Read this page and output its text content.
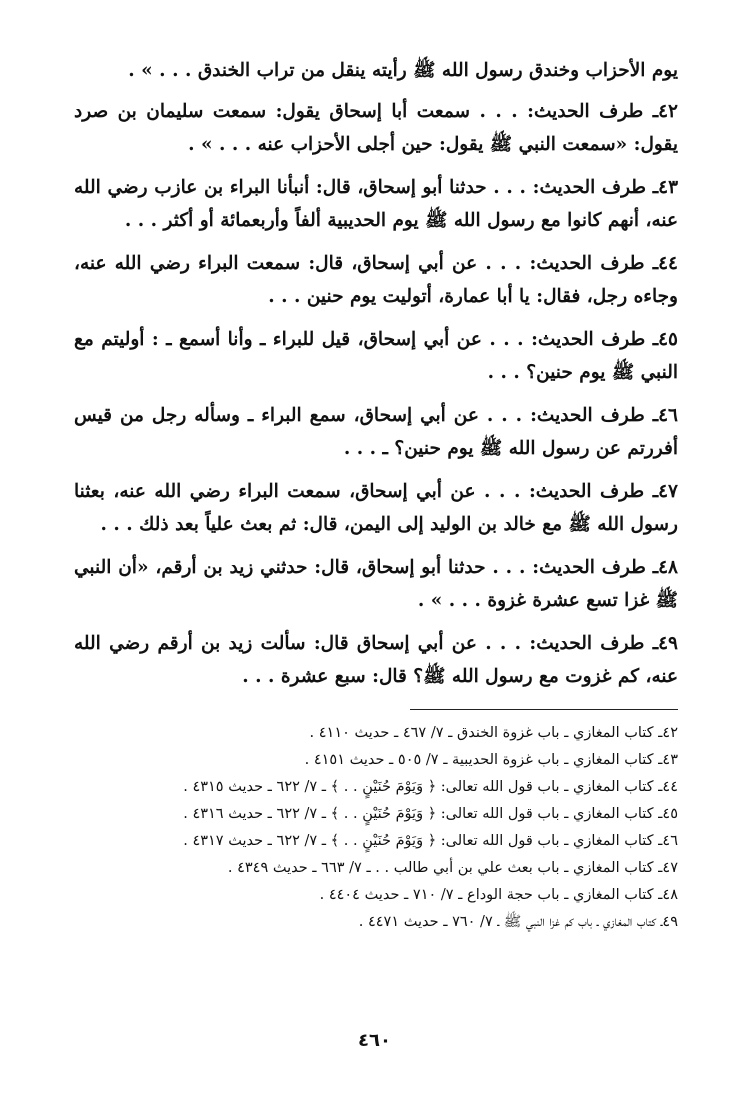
يوم الأحزاب وخندق رسول الله ﷺ رأيته ينقل من تراب الخندق . . . » .

٤٢ـ طرف الحديث: . . . سمعت أبا إسحاق يقول: سمعت سليمان بن صرد يقول: «سمعت النبي ﷺ يقول: حين أجلى الأحزاب عنه . . . » .

٤٣ـ طرف الحديث: . . . حدثنا أبو إسحاق، قال: أنبأنا البراء بن عازب رضي الله عنه، أنهم كانوا مع رسول الله ﷺ يوم الحديبية ألفاً وأربعمائة أو أكثر . . .

٤٤ـ طرف الحديث: . . . عن أبي إسحاق، قال: سمعت البراء رضي الله عنه، وجاءه رجل، فقال: يا أبا عمارة، أتوليت يوم حنين . . .

٤٥ـ طرف الحديث: . . . عن أبي إسحاق، قيل للبراء ـ وأنا أسمع ـ : أوليتم مع النبي ﷺ يوم حنين؟ . . .

٤٦ـ طرف الحديث: . . . عن أبي إسحاق، سمع البراء ـ وسأله رجل من قيس أفررتم عن رسول الله ﷺ يوم حنين؟ ـ . . .

٤٧ـ طرف الحديث: . . . عن أبي إسحاق، سمعت البراء رضي الله عنه، بعثنا رسول الله ﷺ مع خالد بن الوليد إلى اليمن، قال: ثم بعث علياً بعد ذلك . . .

٤٨ـ طرف الحديث: . . . حدثنا أبو إسحاق، قال: حدثني زيد بن أرقم، «أن النبي ﷺ غزا تسع عشرة غزوة . . . » .

٤٩ـ طرف الحديث: . . . عن أبي إسحاق قال: سألت زيد بن أرقم رضي الله عنه، كم غزوت مع رسول الله ﷺ؟ قال: سبع عشرة . . .

٤٢ـ كتاب المغازي ـ باب غزوة الخندق ـ ٧/ ٤٦٧ ـ حديث ٤١١٠ .
٤٣ـ كتاب المغازي ـ باب غزوة الحديبية ـ ٧/ ٥٠٥ ـ حديث ٤١٥١ .
٤٤ـ كتاب المغازي ـ باب قول الله تعالى: ﴿ وَيَوْمَ حُنَيْنٍ . . ﴾ ـ ٧/ ٦٢٢ ـ حديث ٤٣١٥ .
٤٥ـ كتاب المغازي ـ باب قول الله تعالى: ﴿ وَيَوْمَ حُنَيْنٍ . . ﴾ ـ ٧/ ٦٢٢ ـ حديث ٤٣١٦ .
٤٦ـ كتاب المغازي ـ باب قول الله تعالى: ﴿ وَيَوْمَ حُنَيْنٍ . . ﴾ ـ ٧/ ٦٢٢ ـ حديث ٤٣١٧ .
٤٧ـ كتاب المغازي ـ باب بعث علي بن أبي طالب . . ـ ٧/ ٦٦٣ ـ حديث ٤٣٤٩ .
٤٨ـ كتاب المغازي ـ باب حجة الوداع ـ ٧/ ٧١٠ ـ حديث ٤٤٠٤ .
٤٩ـ كتاب المغازي ـ باب كم غزا النبي ﷺ ـ ٧/ ٧٦٠ ـ حديث ٤٤٧١ .
٤٦٠
